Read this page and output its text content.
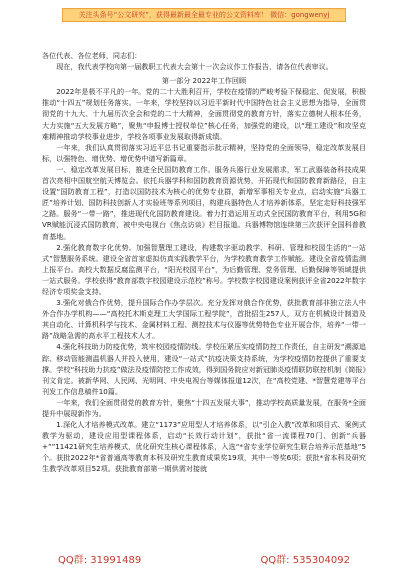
关注头条号“公文研究”，获得最新最全最专业的公文资料库！ 微信：gongwenyj

各位代表、各位老师，同志们：

现在，我代表学校向第一届教职工代表大会第十一次会议作工作报告，请各位代表审议。

第一部分 2022年工作回顾

2022年是极不平凡的一年。党的二十大胜利召开，学校在疫情的严峻考验下保稳定、促发展，积极推动“十四五”规划任务落实。一年来，学校坚持以习近平新时代中国特色社会主义思想为指导，全面贯彻党的十九大、十九届历次全会和党的二十大精神，全面贯彻党的教育方针，落实立德树人根本任务，大力实施“五大发展方略”，聚焦“申报博士授权单位”核心任务，加强党的建设，以“理工建设”和攻坚克难精神推动学校事业进步，学校各项事业发展取得新成绩。

一年来，我们认真贯彻落实习近平总书记重要指示批示精神，坚持党的全面领导，稳定改革发展目标，以强特色、增优势、增优势中谱写新篇章。

一、稳定改革发展目标，推进全民国防教育工作。服务兵器行业发展需求，军工武器装备科技成果首次亮相中国航空航天博览会。依托兵器学科和国防教育资源优势，开拓现代和国防教育新路径，自主设置“国防教育工程”，打造以国防技术为核心的优势专业群，新增军事相关专业点，启动实施“兵器工匠”培养计划、国防科技创新人才实验班等系列项目，构建兵器特色人才培养新体系，坚定走好科技强军之路。服务“一带一路”，推进现代化国防教育建设。着力打造运用互动式全民国防教育平台，利用5G和VR赋能沉浸式国防教育，被中央电视台《焦点访谈》栏目报道。兵器博物馆连续第三次获评全国科普教育基地。

2.强化教育数字化优势。加强智慧理工建设，构建数字驱动教学、科研、管理和校园生活的“一站式”智慧服务系统。建设全省首家虚拟仿真实践教学平台，为学校教育教学工作赋能。建设全省疫情监测上报平台。高校大数据反腐监测平台，“阳光校园平台”，为后勤管理、党务管理、后勤保障等领域提供一站式服务。学校获得“教育部数字校园建设示范校”称号。学校数字校园建设案例获评全省2022年数字经济专项奖金支持。

3.强化对俄合作优势，提升国际合作办学层次。充分发挥对俄合作优势，获批教育部非独立法人中外合作办学机构——“高校托木斯克理工大学国际工程学院”，首批招生257人，双方在机械设计制造及其自动化、计算机科学与技术、金属材料工程、测控技术与仪器等优势特色专业开展合作，培养“一带一路”战略急需的高水平工程技术人才。

4.强化科技助力防疫优势，筑牢校园疫情防线。学校压紧压实疫情防控工作责任，自主研发“溯源追踪、移动管能测温机器人并投入使用，建设“一站式”抗疫决策支持系统，为学校疫情防控提供了重要支撑。学校“科技助力抗疫”做法及疫情防控工作成效，得到国务院应对新冠肺炎疫情联防联控机制《简报》刊文肯定。被新华网、人民网、光明网、中央电视台等媒体报道12次，在“高校党建、*智慧党建等平台刊发工作信息稿件10篇。

一年来，我们全面贯彻党的教育方针，聚焦“十四五发展大事”，推动学校高质量发展，在服务*全面提升中展现新作为。

1.深化人才培养模式改革。建立“1173”应用型人才培养体系，以“引企入教”改革和项目式、案例式教学为驱动，建设应用型课程体系，启动“长效行动计划”，获批“省一流课程70门、创新“兵器+””11421研究生培养模式，优化研究生核心课程体系，入选“*省专业学位研究生联合培养示范基地”5个。获批2022年*省普通高等教育本科及研究生教育成果奖19项，其中一等奖6项；获批*省本科及研究生教学改革项目52项。获批教育部第一期供需对接就

QQ群: 31991489	QQ群: 535304092
